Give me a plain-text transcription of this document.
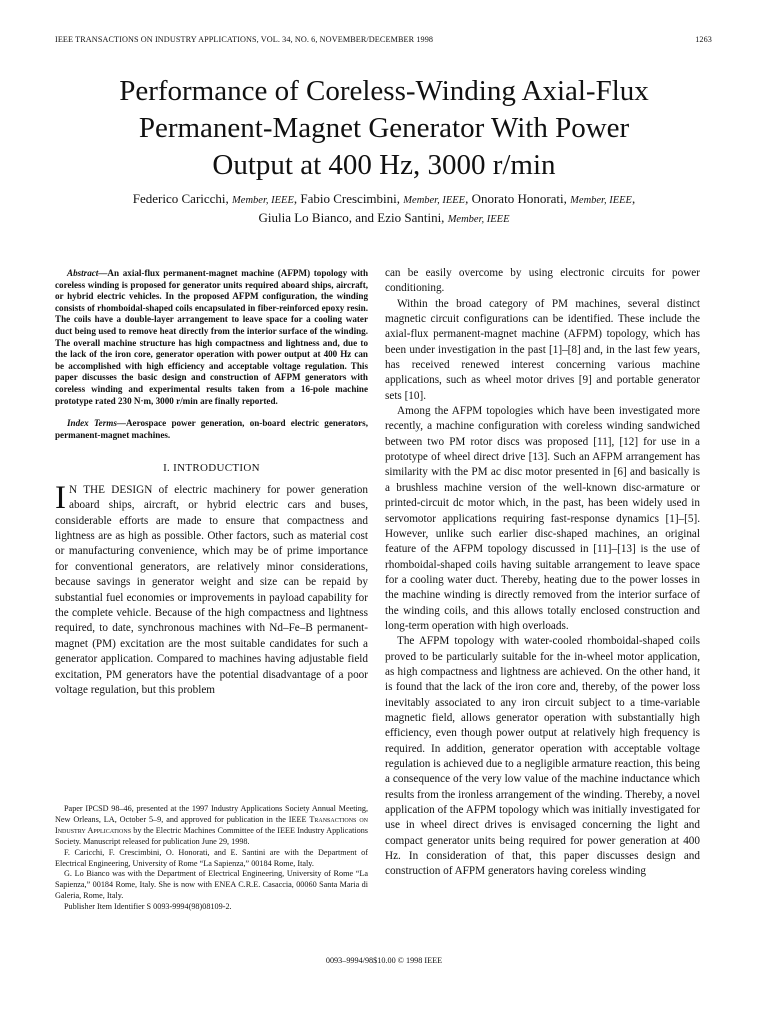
IEEE TRANSACTIONS ON INDUSTRY APPLICATIONS, VOL. 34, NO. 6, NOVEMBER/DECEMBER 1998	1263
Performance of Coreless-Winding Axial-Flux
Permanent-Magnet Generator With Power
Output at 400 Hz, 3000 r/min
Federico Caricchi, Member, IEEE, Fabio Crescimbini, Member, IEEE, Onorato Honorati, Member, IEEE,
Giulia Lo Bianco, and Ezio Santini, Member, IEEE

Abstract—An axial-flux permanent-magnet machine (AFPM) topology with coreless winding is proposed for generator units required aboard ships, aircraft, or hybrid electric vehicles. In the proposed AFPM configuration, the winding consists of rhomboidal-shaped coils encapsulated in fiber-reinforced epoxy resin. The coils have a double-layer arrangement to leave space for a cooling water duct being used to remove heat directly from the interior surface of the winding. The overall machine structure has high compactness and lightness and, due to the lack of the iron core, generator operation with power output at 400 Hz can be accomplished with high efficiency and acceptable voltage regulation. This paper discusses the basic design and construction of AFPM generators with coreless winding and experimental results taken from a 16-pole machine prototype rated 230 N·m, 3000 r/min are finally reported.

Index Terms—Aerospace power generation, on-board electric generators, permanent-magnet machines.

I. INTRODUCTION

I N THE DESIGN of electric machinery for power generation aboard ships, aircraft, or hybrid electric cars and buses, considerable efforts are made to ensure that compactness and lightness are as high as possible. Other factors, such as material cost or manufacturing convenience, which may be of prime importance for conventional generators, are relatively minor considerations, because savings in generator weight and size can be repaid by substantial fuel economies or improvements in payload capability for the complete vehicle. Because of the high compactness and lightness required, to date, synchronous machines with Nd–Fe–B permanent-magnet (PM) excitation are the most suitable candidates for such a generator application. Compared to machines having adjustable field excitation, PM generators have the potential disadvantage of a poor voltage regulation, but this problem

can be easily overcome by using electronic circuits for power conditioning.

Within the broad category of PM machines, several distinct magnetic circuit configurations can be identified. These include the axial-flux permanent-magnet machine (AFPM) topology, which has been under investigation in the past [1]–[8] and, in the last few years, has received renewed interest concerning various machine applications, such as wheel motor drives [9] and portable generator sets [10].

Among the AFPM topologies which have been investigated more recently, a machine configuration with coreless winding sandwiched between two PM rotor discs was proposed [11], [12] for use in a prototype of wheel direct drive [13]. Such an AFPM arrangement has similarity with the PM ac disc motor presented in [6] and basically is a brushless machine version of the well-known disc-armature or printed-circuit dc motor which, in the past, has been widely used in servomotor applications requiring fast-response dynamics [1]–[5]. However, unlike such earlier disc-shaped machines, an original feature of the AFPM topology discussed in [11]–[13] is the use of rhomboidal-shaped coils having suitable arrangement to leave space for a cooling water duct. Thereby, heating due to the power losses in the machine winding is directly removed from the interior surface of the winding coils, and this allows totally enclosed construction and long-term operation with high overloads.

The AFPM topology with water-cooled rhomboidal-shaped coils proved to be particularly suitable for the in-wheel motor application, as high compactness and lightness are achieved. On the other hand, it is found that the lack of the iron core and, thereby, of the power loss inevitably associated to any iron circuit subject to a time-variable magnetic field, allows generator operation with substantially high efficiency, even though power output at relatively high frequency is required. In addition, generator operation with acceptable voltage regulation is achieved due to a negligible armature reaction, this being a consequence of the very low value of the machine inductance which results from the ironless arrangement of the winding. Thereby, a novel application of the AFPM topology which was initially investigated for use in wheel direct drives is envisaged concerning the light and compact generator units being required for power generation at 400 Hz. In consideration of that, this paper discusses design and construction of AFPM generators having coreless winding

Paper IPCSD 98–46, presented at the 1997 Industry Applications Society Annual Meeting, New Orleans, LA, October 5–9, and approved for publication in the IEEE Transactions on Industry Applications by the Electric Machines Committee of the IEEE Industry Applications Society. Manuscript released for publication June 29, 1998.

F. Caricchi, F. Crescimbini, O. Honorati, and E. Santini are with the Department of Electrical Engineering, University of Rome “La Sapienza,” 00184 Rome, Italy.

G. Lo Bianco was with the Department of Electrical Engineering, University of Rome “La Sapienza,” 00184 Rome, Italy. She is now with ENEA C.R.E. Casaccia, 00060 Santa Maria di Galeria, Rome, Italy.

Publisher Item Identifier S 0093-9994(98)08109-2.

0093–9994/98$10.00 © 1998 IEEE
